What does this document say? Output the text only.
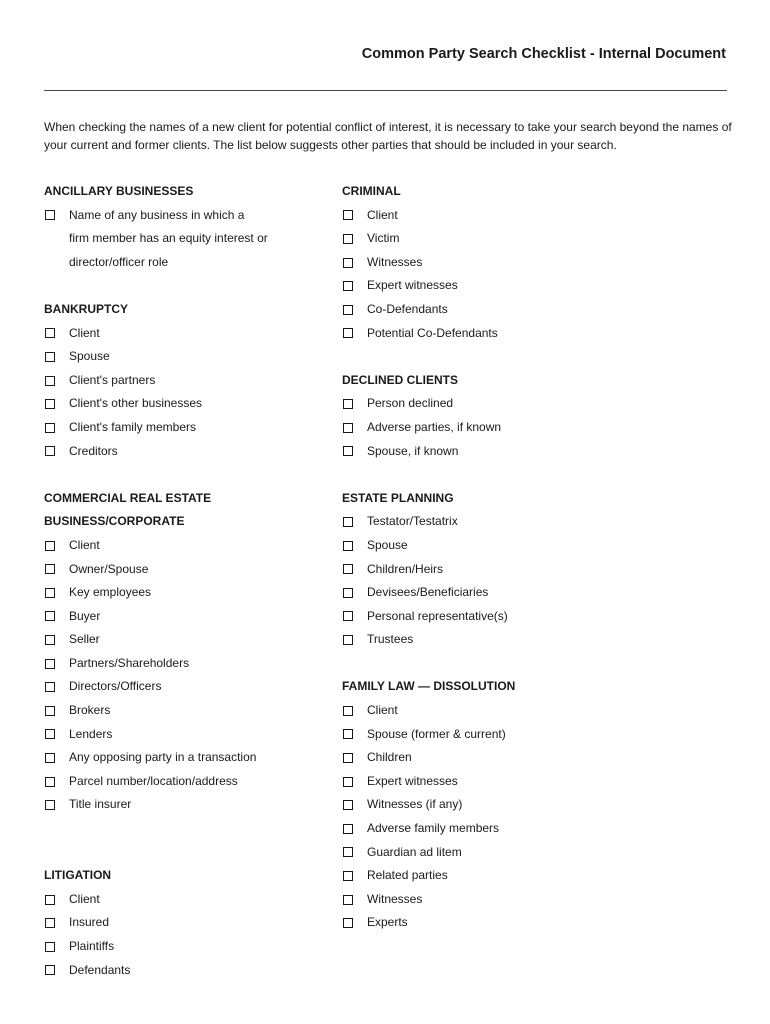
Common Party Search Checklist - Internal Document
When checking the names of a new client for potential conflict of interest, it is necessary to take your search beyond the names of your current and former clients. The list below suggests other parties that should be included in your search.
ANCILLARY BUSINESSES
Name of any business in which a
firm member has an equity interest or
director/officer role
BANKRUPTCY
Client
Spouse
Client's partners
Client's other businesses
Client's family members
Creditors
COMMERCIAL REAL ESTATE
BUSINESS/CORPORATE
Client
Owner/Spouse
Key employees
Buyer
Seller
Partners/Shareholders
Directors/Officers
Brokers
Lenders
Any opposing party in a transaction
Parcel number/location/address
Title insurer
LITIGATION
Client
Insured
Plaintiffs
Defendants
CRIMINAL
Client
Victim
Witnesses
Expert witnesses
Co-Defendants
Potential Co-Defendants
DECLINED CLIENTS
Person declined
Adverse parties, if known
Spouse, if known
ESTATE PLANNING
Testator/Testatrix
Spouse
Children/Heirs
Devisees/Beneficiaries
Personal representative(s)
Trustees
FAMILY LAW — DISSOLUTION
Client
Spouse (former & current)
Children
Expert witnesses
Witnesses (if any)
Adverse family members
Guardian ad litem
Related parties
Witnesses
Experts
